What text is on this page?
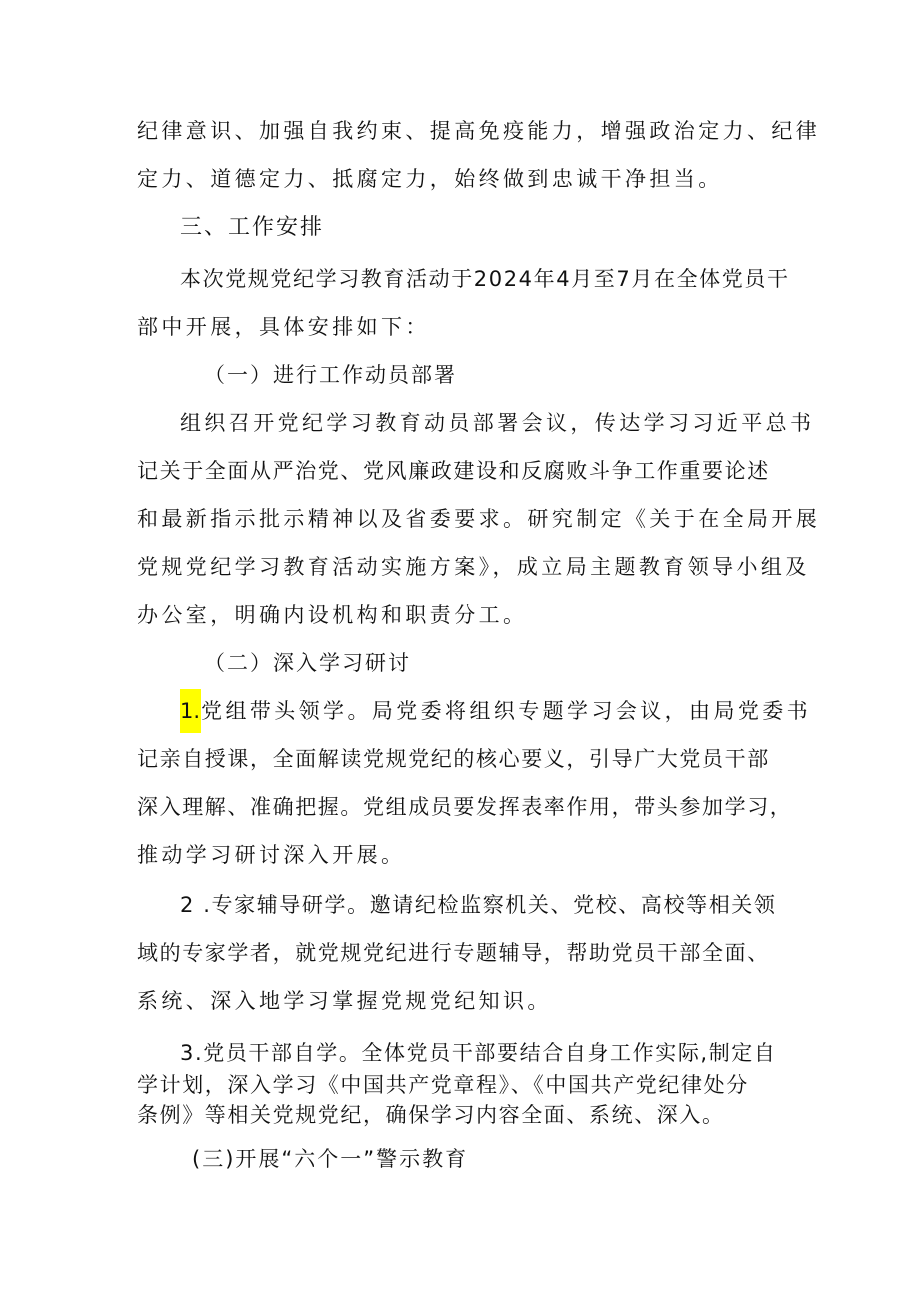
纪律意识、加强自我约束、提高免疫能力，增强政治定力、纪律
定力、道德定力、抵腐定力，始终做到忠诚干净担当。
三、工作安排
本次党规党纪学习教育活动于2024年4月至7月在全体党员干
部中开展，具体安排如下：
（一）进行工作动员部署
组织召开党纪学习教育动员部署会议，传达学习习近平总书
记关于全面从严治党、党风廉政建设和反腐败斗争工作重要论述
和最新指示批示精神以及省委要求。研究制定《关于在全局开展
党规党纪学习教育活动实施方案》，成立局主题教育领导小组及
办公室，明确内设机构和职责分工。
（二）深入学习研讨
1.党组带头领学。局党委将组织专题学习会议，由局党委书
记亲自授课，全面解读党规党纪的核心要义，引导广大党员干部
深入理解、准确把握。党组成员要发挥表率作用，带头参加学习，
推动学习研讨深入开展。
2 .专家辅导研学。邀请纪检监察机关、党校、高校等相关领
域的专家学者，就党规党纪进行专题辅导，帮助党员干部全面、
系统、深入地学习掌握党规党纪知识。
3.党员干部自学。全体党员干部要结合自身工作实际,制定自
学计划，深入学习《中国共产党章程》、《中国共产党纪律处分
条例》等相关党规党纪，确保学习内容全面、系统、深入。
(三)开展“六个一”警示教育
